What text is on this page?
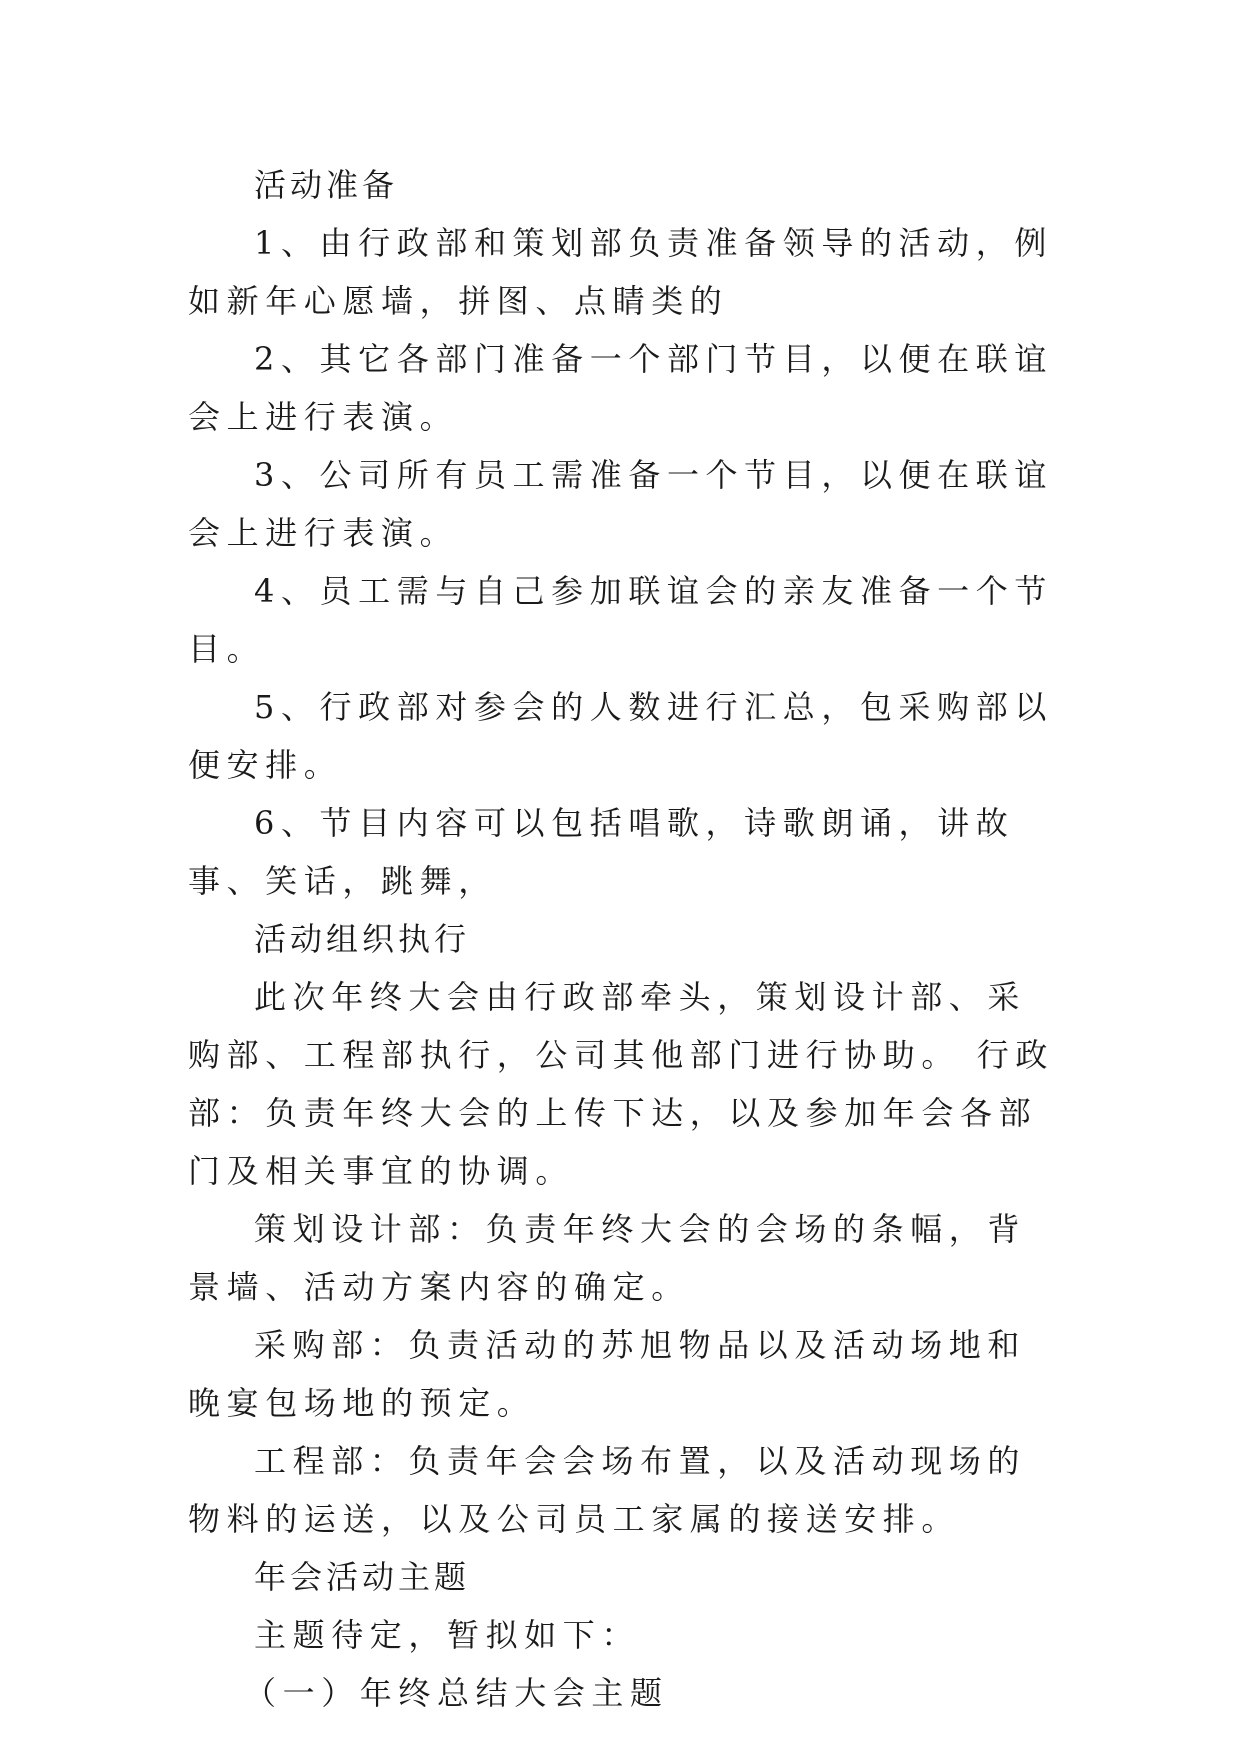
活动准备

1、由行政部和策划部负责准备领导的活动，例如新年心愿墙，拼图、点睛类的

2、其它各部门准备一个部门节目，以便在联谊会上进行表演。

3、公司所有员工需准备一个节目，以便在联谊会上进行表演。

4、员工需与自己参加联谊会的亲友准备一个节目。

5、行政部对参会的人数进行汇总，包采购部以便安排。

6、节目内容可以包括唱歌，诗歌朗诵，讲故事、笑话，跳舞，

活动组织执行

此次年终大会由行政部牵头，策划设计部、采购部、工程部执行，公司其他部门进行协助。 行政部：负责年终大会的上传下达，以及参加年会各部门及相关事宜的协调。

策划设计部：负责年终大会的会场的条幅，背景墙、活动方案内容的确定。

采购部：负责活动的苏旭物品以及活动场地和晚宴包场地的预定。

工程部：负责年会会场布置，以及活动现场的物料的运送，以及公司员工家属的接送安排。

年会活动主题

主题待定，暂拟如下：

（一）年终总结大会主题
